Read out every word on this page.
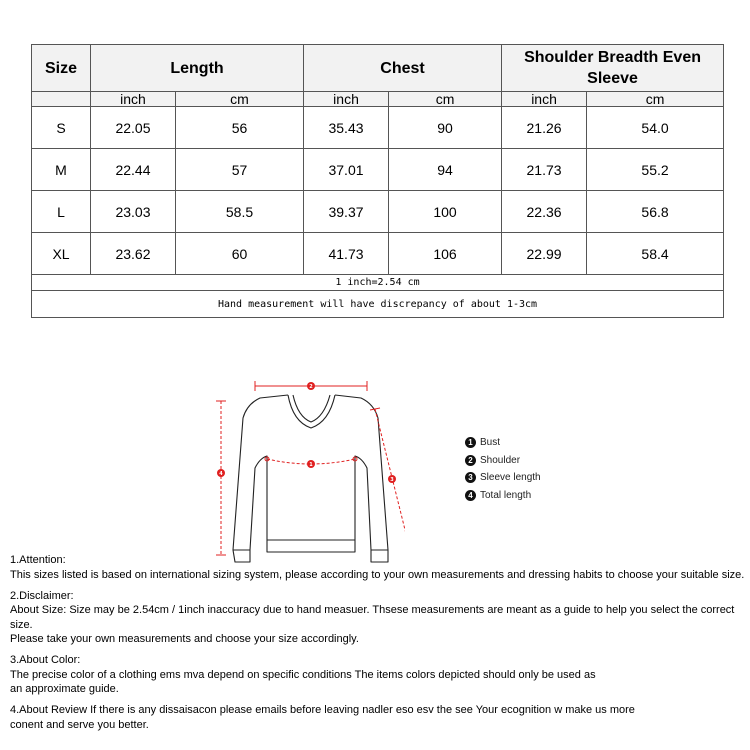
Size	Length		Chest		Shoulder Breadth Even Sleeve	
	inch	cm	inch	cm	inch	cm
S	22.05	56	35.43	90	21.26	54.0
M	22.44	57	37.01	94	21.73	55.2
L	23.03	58.5	39.37	100	22.36	56.8
XL	23.62	60	41.73	106	22.99	58.4
1 inch=2.54 cm						
Hand measurement will have discrepancy of about 1-3cm						
2
1
4
3
1 Bust
2 Shoulder
3 Sleeve length
4 Total length

1.Attention:

This sizes listed is based on international sizing system, please according to your own measurements and dressing habits to choose your suitable size.

2.Disclaimer:

About Size: Size may be 2.54cm / 1inch inaccuracy due to hand measuer. Thsese measurements are meant as a guide to help you select the correct size.

Please take your own measurements and choose your size accordingly.

3.About Color:

The precise color of a clothing ems mva depend on specific conditions The items colors depicted should only be used as

an approximate guide.

4.About Review If there is any dissaisacon please emails before leaving nadler eso esv the see Your ecognition w make us more

conent and serve you better.
